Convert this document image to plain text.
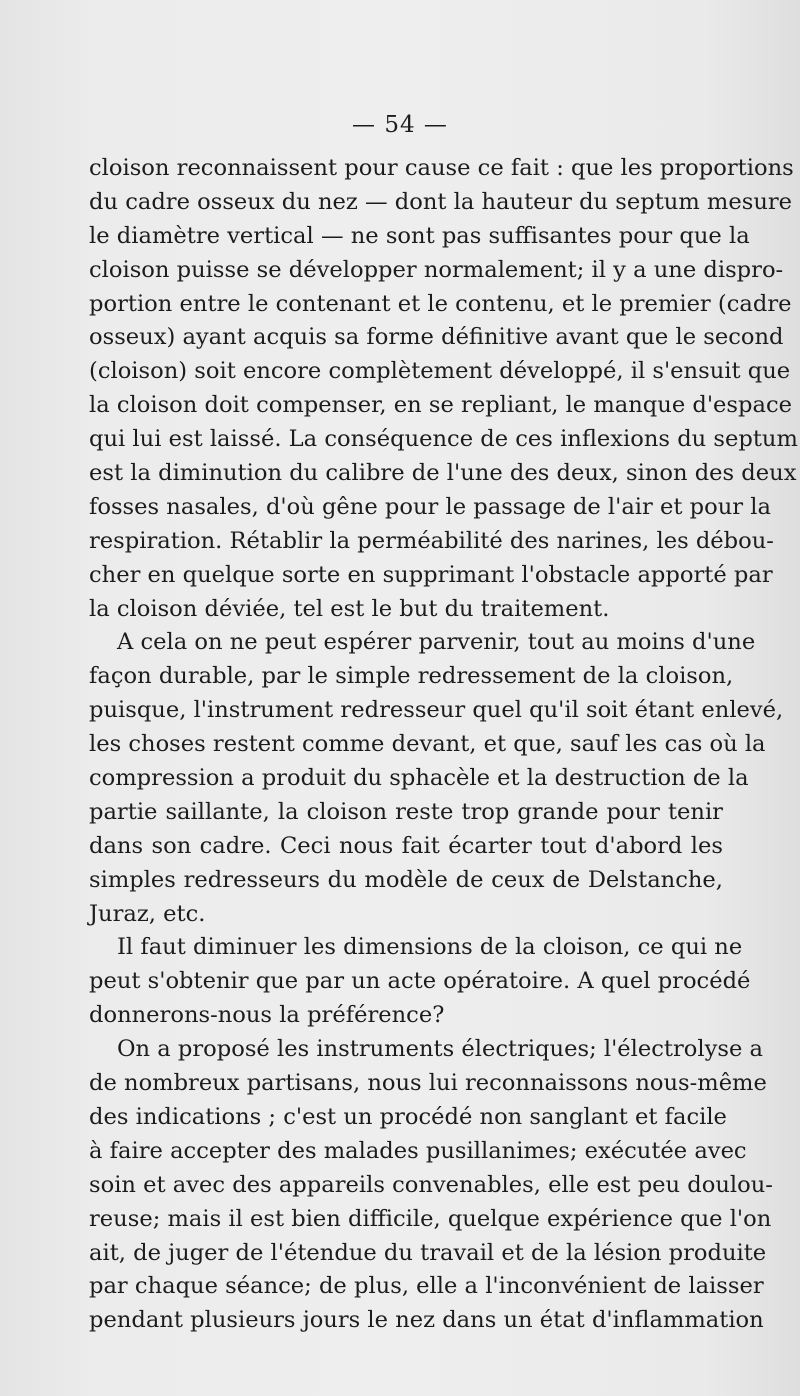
— 54 —
cloison reconnaissent pour cause ce fait : que les proportions
du cadre osseux du nez — dont la hauteur du septum mesure
le diamètre vertical — ne sont pas suffisantes pour que la
cloison puisse se développer normalement; il y a une dispro-
portion entre le contenant et le contenu, et le premier (cadre
osseux) ayant acquis sa forme définitive avant que le second
(cloison) soit encore complètement développé, il s'ensuit que
la cloison doit compenser, en se repliant, le manque d'espace
qui lui est laissé. La conséquence de ces inflexions du septum
est la diminution du calibre de l'une des deux, sinon des deux
fosses nasales, d'où gêne pour le passage de l'air et pour la
respiration. Rétablir la perméabilité des narines, les débou-
cher en quelque sorte en supprimant l'obstacle apporté par
la cloison déviée, tel est le but du traitement.
A cela on ne peut espérer parvenir, tout au moins d'une
façon durable, par le simple redressement de la cloison,
puisque, l'instrument redresseur quel qu'il soit étant enlevé,
les choses restent comme devant, et que, sauf les cas où la
compression a produit du sphacèle et la destruction de la
partie saillante, la cloison reste trop grande pour tenir
dans son cadre. Ceci nous fait écarter tout d'abord les
simples redresseurs du modèle de ceux de Delstanche,
Juraz, etc.
Il faut diminuer les dimensions de la cloison, ce qui ne
peut s'obtenir que par un acte opératoire. A quel procédé
donnerons-nous la préférence?
On a proposé les instruments électriques; l'électrolyse a
de nombreux partisans, nous lui reconnaissons nous-même
des indications ; c'est un procédé non sanglant et facile
à faire accepter des malades pusillanimes; exécutée avec
soin et avec des appareils convenables, elle est peu doulou-
reuse; mais il est bien difficile, quelque expérience que l'on
ait, de juger de l'étendue du travail et de la lésion produite
par chaque séance; de plus, elle a l'inconvénient de laisser
pendant plusieurs jours le nez dans un état d'inflammation
